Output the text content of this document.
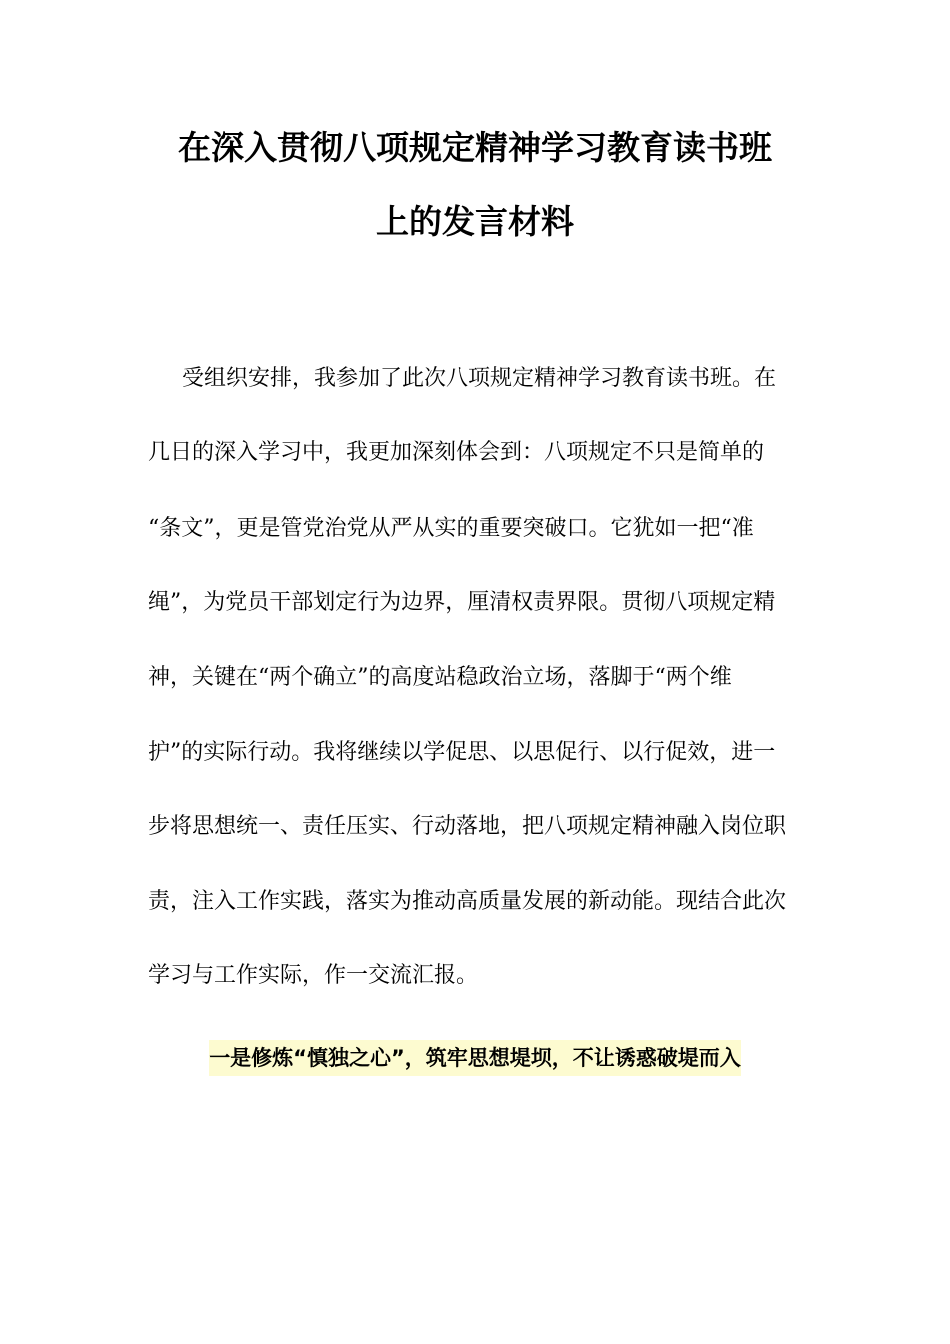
在深入贯彻八项规定精神学习教育读书班
上的发言材料
受组织安排，我参加了此次八项规定精神学习教育读书班。在
几日的深入学习中，我更加深刻体会到：八项规定不只是简单的
“条文”，更是管党治党从严从实的重要突破口。它犹如一把“准
绳”，为党员干部划定行为边界，厘清权责界限。贯彻八项规定精
神，关键在“两个确立”的高度站稳政治立场，落脚于“两个维
护”的实际行动。我将继续以学促思、以思促行、以行促效，进一
步将思想统一、责任压实、行动落地，把八项规定精神融入岗位职
责，注入工作实践，落实为推动高质量发展的新动能。现结合此次
学习与工作实际，作一交流汇报。
一是修炼“慎独之心”，筑牢思想堤坝，不让诱惑破堤而入
